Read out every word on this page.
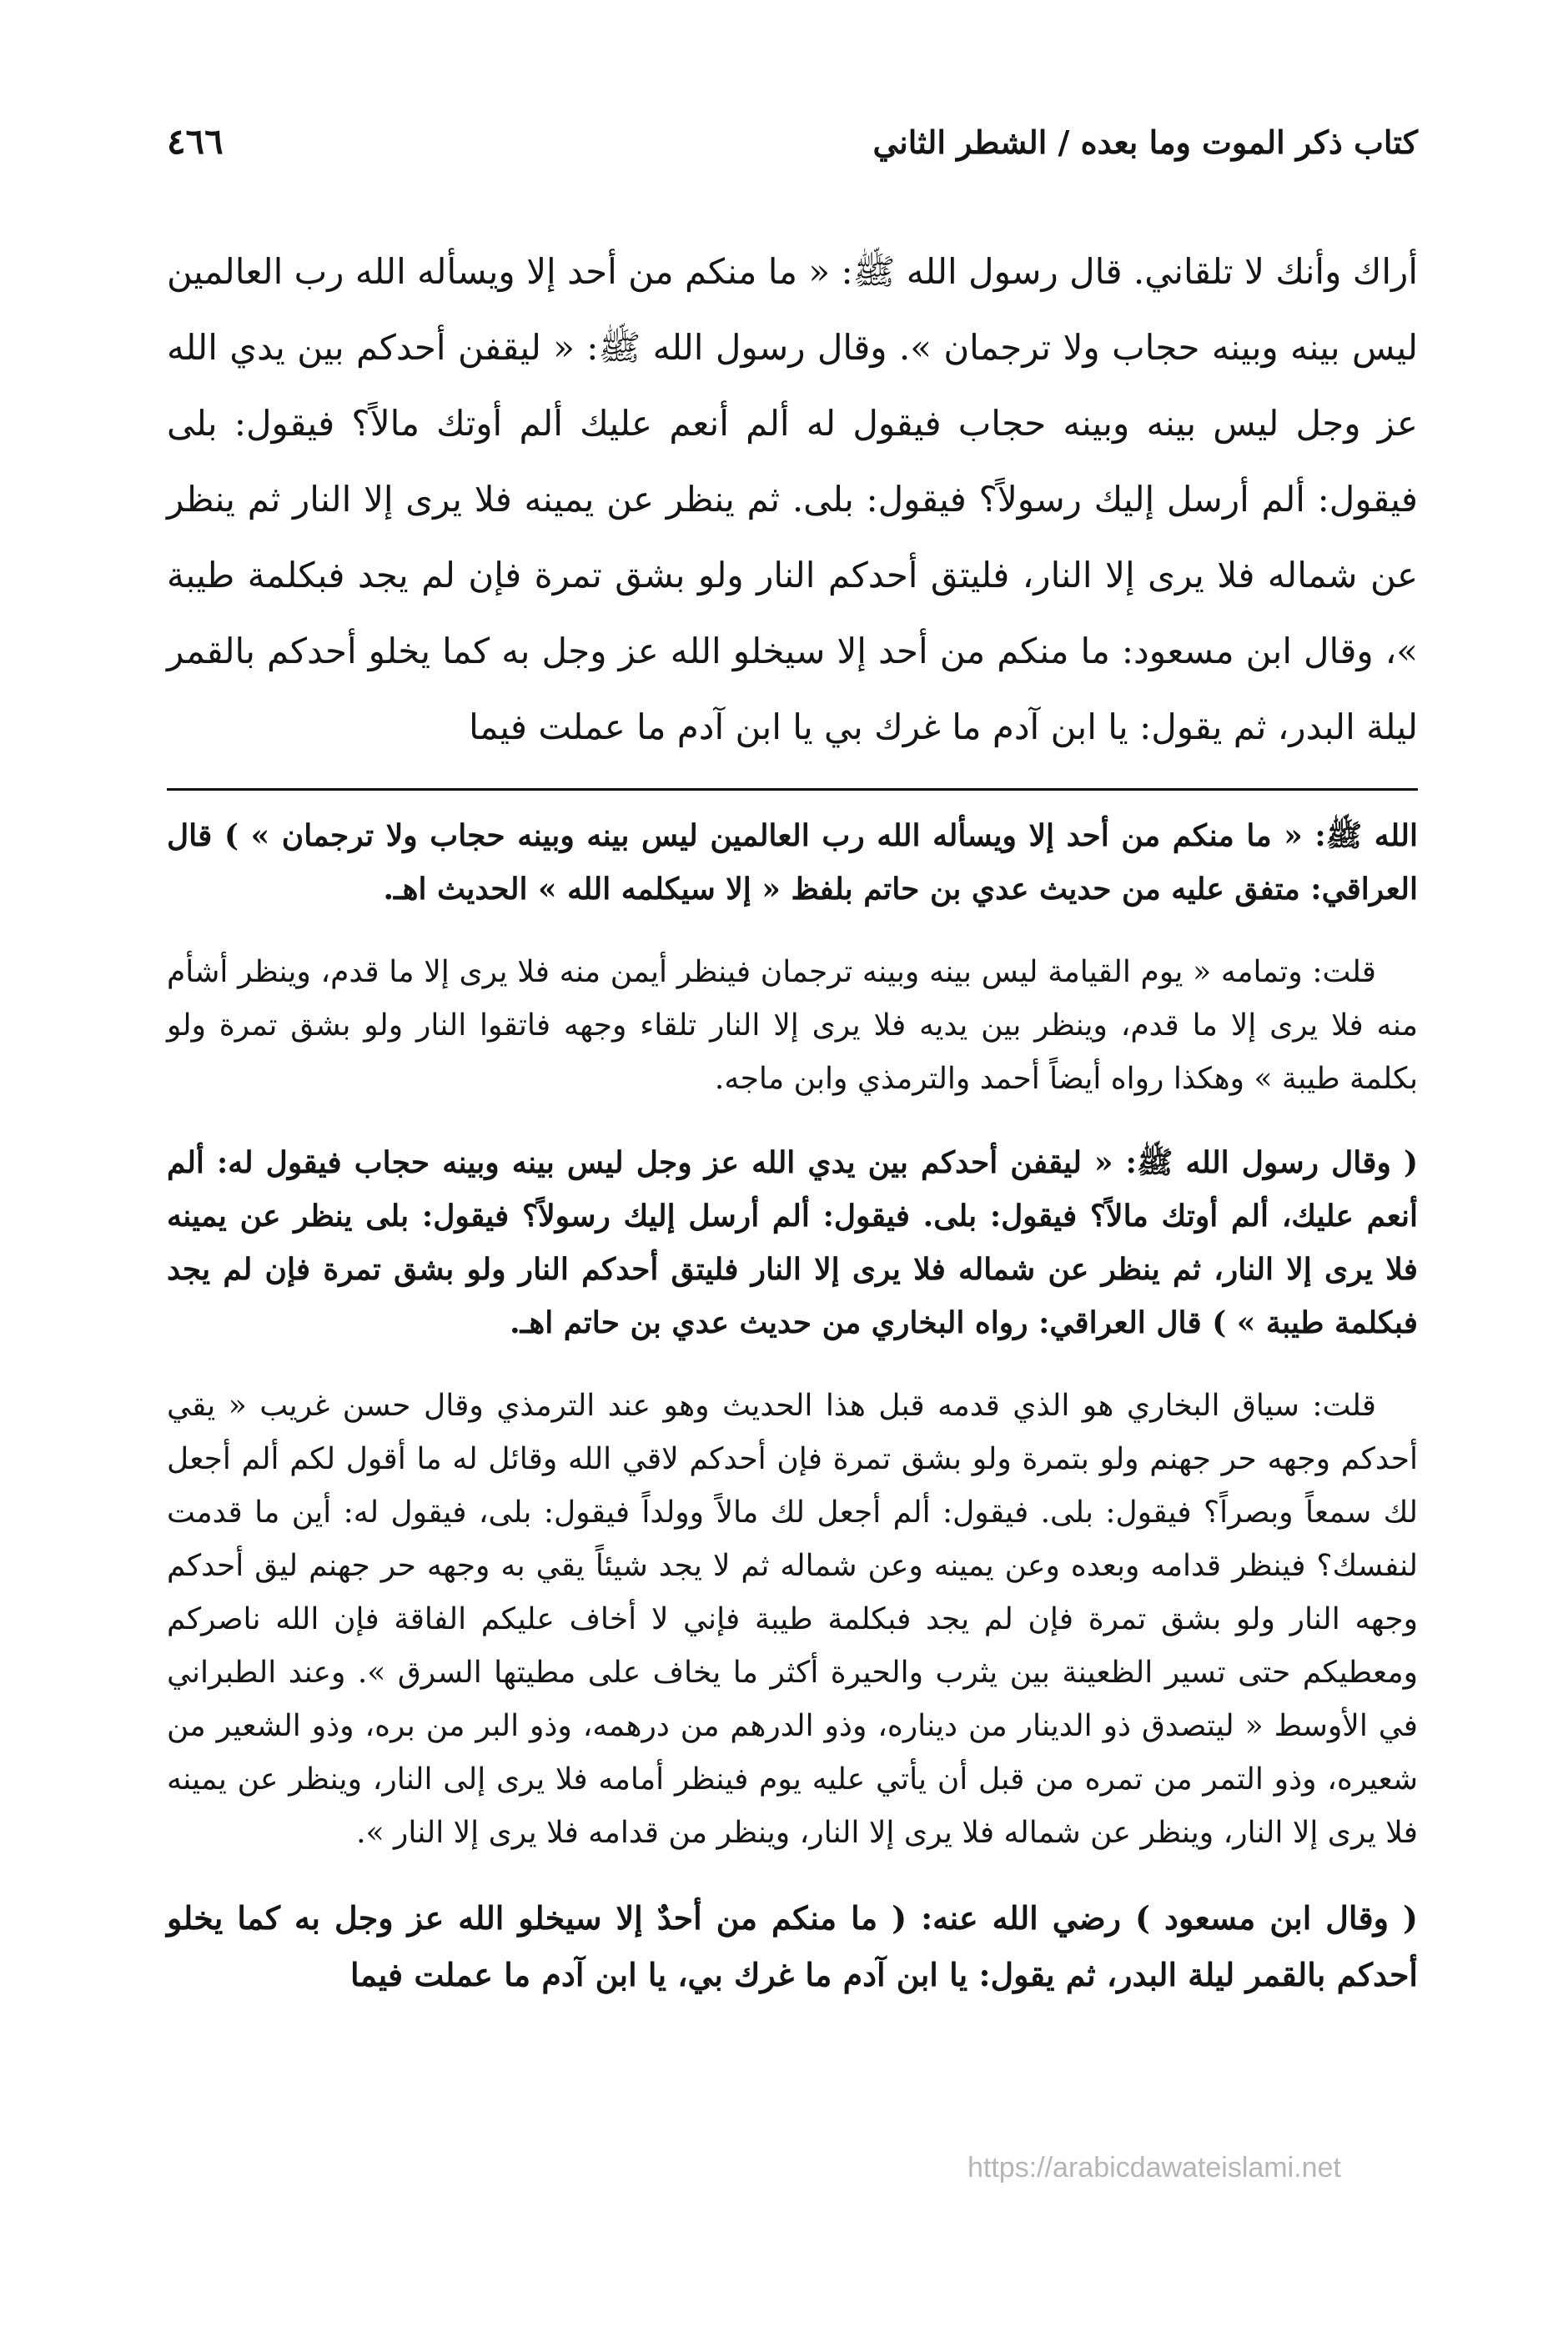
كتاب ذكر الموت وما بعده / الشطر الثاني
٤٦٦

أراك وأنك لا تلقاني. قال رسول الله ﷺ: « ما منكم من أحد إلا ويسأله الله رب العالمين ليس بينه وبينه حجاب ولا ترجمان ». وقال رسول الله ﷺ: « ليقفن أحدكم بين يدي الله عز وجل ليس بينه وبينه حجاب فيقول له ألم أنعم عليك ألم أوتك مالاً؟ فيقول: بلى فيقول: ألم أرسل إليك رسولاً؟ فيقول: بلى. ثم ينظر عن يمينه فلا يرى إلا النار ثم ينظر عن شماله فلا يرى إلا النار، فليتق أحدكم النار ولو بشق تمرة فإن لم يجد فبكلمة طيبة »، وقال ابن مسعود: ما منكم من أحد إلا سيخلو الله عز وجل به كما يخلو أحدكم بالقمر ليلة البدر، ثم يقول: يا ابن آدم ما غرك بي يا ابن آدم ما عملت فيما

الله ﷺ: « ما منكم من أحد إلا ويسأله الله رب العالمين ليس بينه وبينه حجاب ولا ترجمان » ) قال العراقي: متفق عليه من حديث عدي بن حاتم بلفظ « إلا سيكلمه الله » الحديث اهـ.

قلت: وتمامه « يوم القيامة ليس بينه وبينه ترجمان فينظر أيمن منه فلا يرى إلا ما قدم، وينظر أشأم منه فلا يرى إلا ما قدم، وينظر بين يديه فلا يرى إلا النار تلقاء وجهه فاتقوا النار ولو بشق تمرة ولو بكلمة طيبة » وهكذا رواه أيضاً أحمد والترمذي وابن ماجه.

( وقال رسول الله ﷺ: « ليقفن أحدكم بين يدي الله عز وجل ليس بينه وبينه حجاب فيقول له: ألم أنعم عليك، ألم أوتك مالاً؟ فيقول: بلى. فيقول: ألم أرسل إليك رسولاً؟ فيقول: بلى ينظر عن يمينه فلا يرى إلا النار، ثم ينظر عن شماله فلا يرى إلا النار فليتق أحدكم النار ولو بشق تمرة فإن لم يجد فبكلمة طيبة » ) قال العراقي: رواه البخاري من حديث عدي بن حاتم اهـ.

قلت: سياق البخاري هو الذي قدمه قبل هذا الحديث وهو عند الترمذي وقال حسن غريب « يقي أحدكم وجهه حر جهنم ولو بتمرة ولو بشق تمرة فإن أحدكم لاقي الله وقائل له ما أقول لكم ألم أجعل لك سمعاً وبصراً؟ فيقول: بلى. فيقول: ألم أجعل لك مالاً وولداً فيقول: بلى، فيقول له: أين ما قدمت لنفسك؟ فينظر قدامه وبعده وعن يمينه وعن شماله ثم لا يجد شيئاً يقي به وجهه حر جهنم ليق أحدكم وجهه النار ولو بشق تمرة فإن لم يجد فبكلمة طيبة فإني لا أخاف عليكم الفاقة فإن الله ناصركم ومعطيكم حتى تسير الظعينة بين يثرب والحيرة أكثر ما يخاف على مطيتها السرق ». وعند الطبراني في الأوسط « ليتصدق ذو الدينار من ديناره، وذو الدرهم من درهمه، وذو البر من بره، وذو الشعير من شعيره، وذو التمر من تمره من قبل أن يأتي عليه يوم فينظر أمامه فلا يرى إلى النار، وينظر عن يمينه فلا يرى إلا النار، وينظر عن شماله فلا يرى إلا النار، وينظر من قدامه فلا يرى إلا النار ».

( وقال ابن مسعود ) رضي الله عنه: ( ما منكم من أحدٌ إلا سيخلو الله عز وجل به كما يخلو أحدكم بالقمر ليلة البدر، ثم يقول: يا ابن آدم ما غرك بي، يا ابن آدم ما عملت فيما

https://arabicdawateislami.net
